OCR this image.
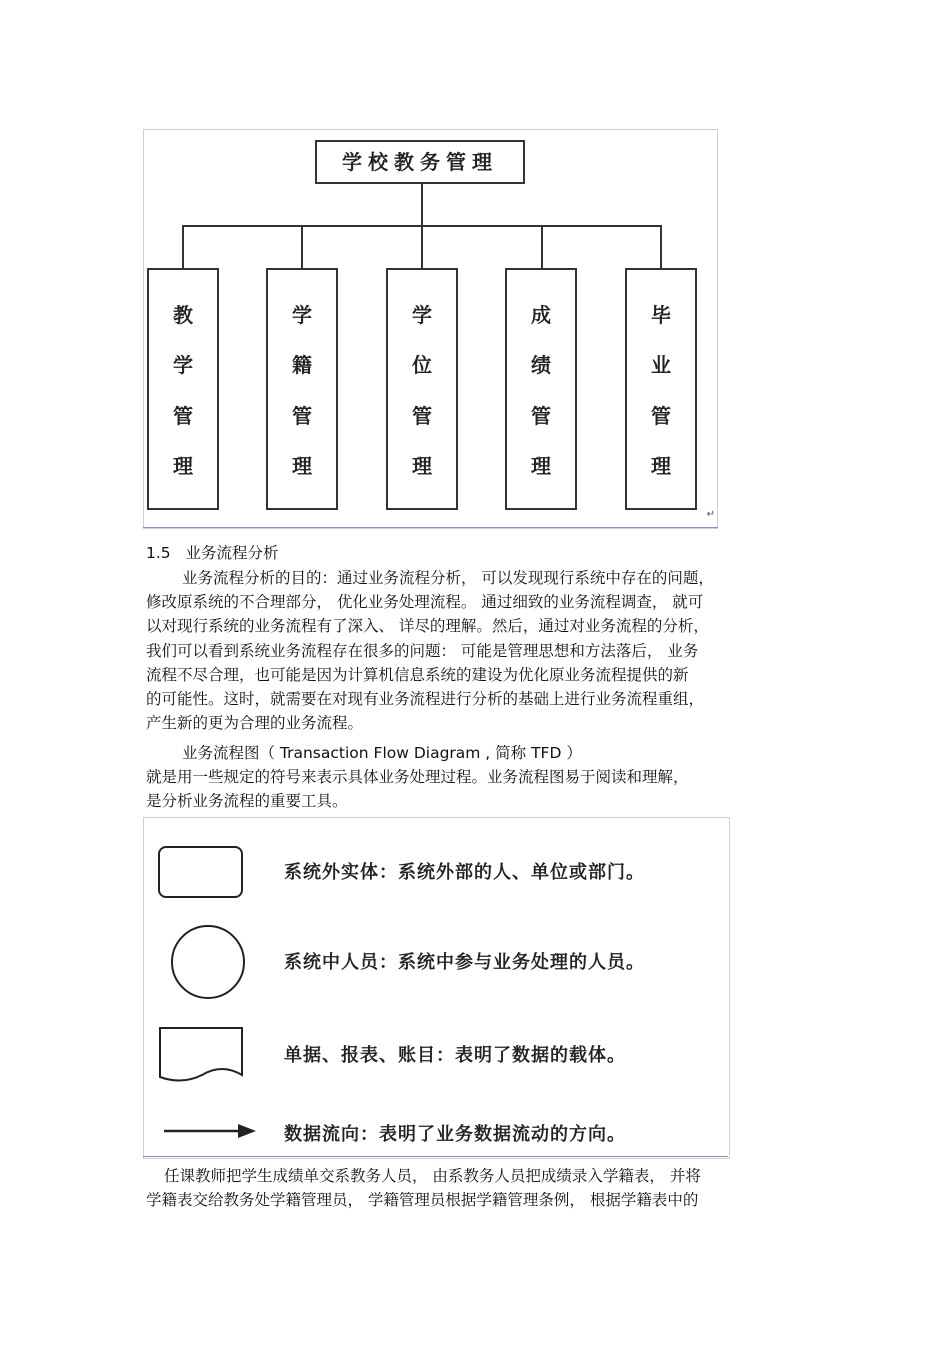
学校教务管理
教
学
管
理
学
籍
管
理
学
位
管
理
成
绩
管
理
毕
业
管
理
↵
1.5 业务流程分析
业务流程分析的目的：通过业务流程分析， 可以发现现行系统中存在的问题，
修改原系统的不合理部分， 优化业务处理流程。 通过细致的业务流程调查， 就可
以对现行系统的业务流程有了深入、 详尽的理解。然后，通过对业务流程的分析，
我们可以看到系统业务流程存在很多的问题： 可能是管理思想和方法落后， 业务
流程不尽合理，也可能是因为计算机信息系统的建设为优化原业务流程提供的新
的可能性。这时，就需要在对现有业务流程进行分析的基础上进行业务流程重组，
产生新的更为合理的业务流程。
业务流程图（ Transaction Flow Diagram , 简称 TFD ）
就是用一些规定的符号来表示具体业务处理过程。业务流程图易于阅读和理解，
是分析业务流程的重要工具。
系统外实体：系统外部的人、单位或部门。
系统中人员：系统中参与业务处理的人员。
单据、报表、账目：表明了数据的载体。
数据流向：表明了业务数据流动的方向。
任课教师把学生成绩单交系教务人员， 由系教务人员把成绩录入学籍表， 并将
学籍表交给教务处学籍管理员， 学籍管理员根据学籍管理条例， 根据学籍表中的
